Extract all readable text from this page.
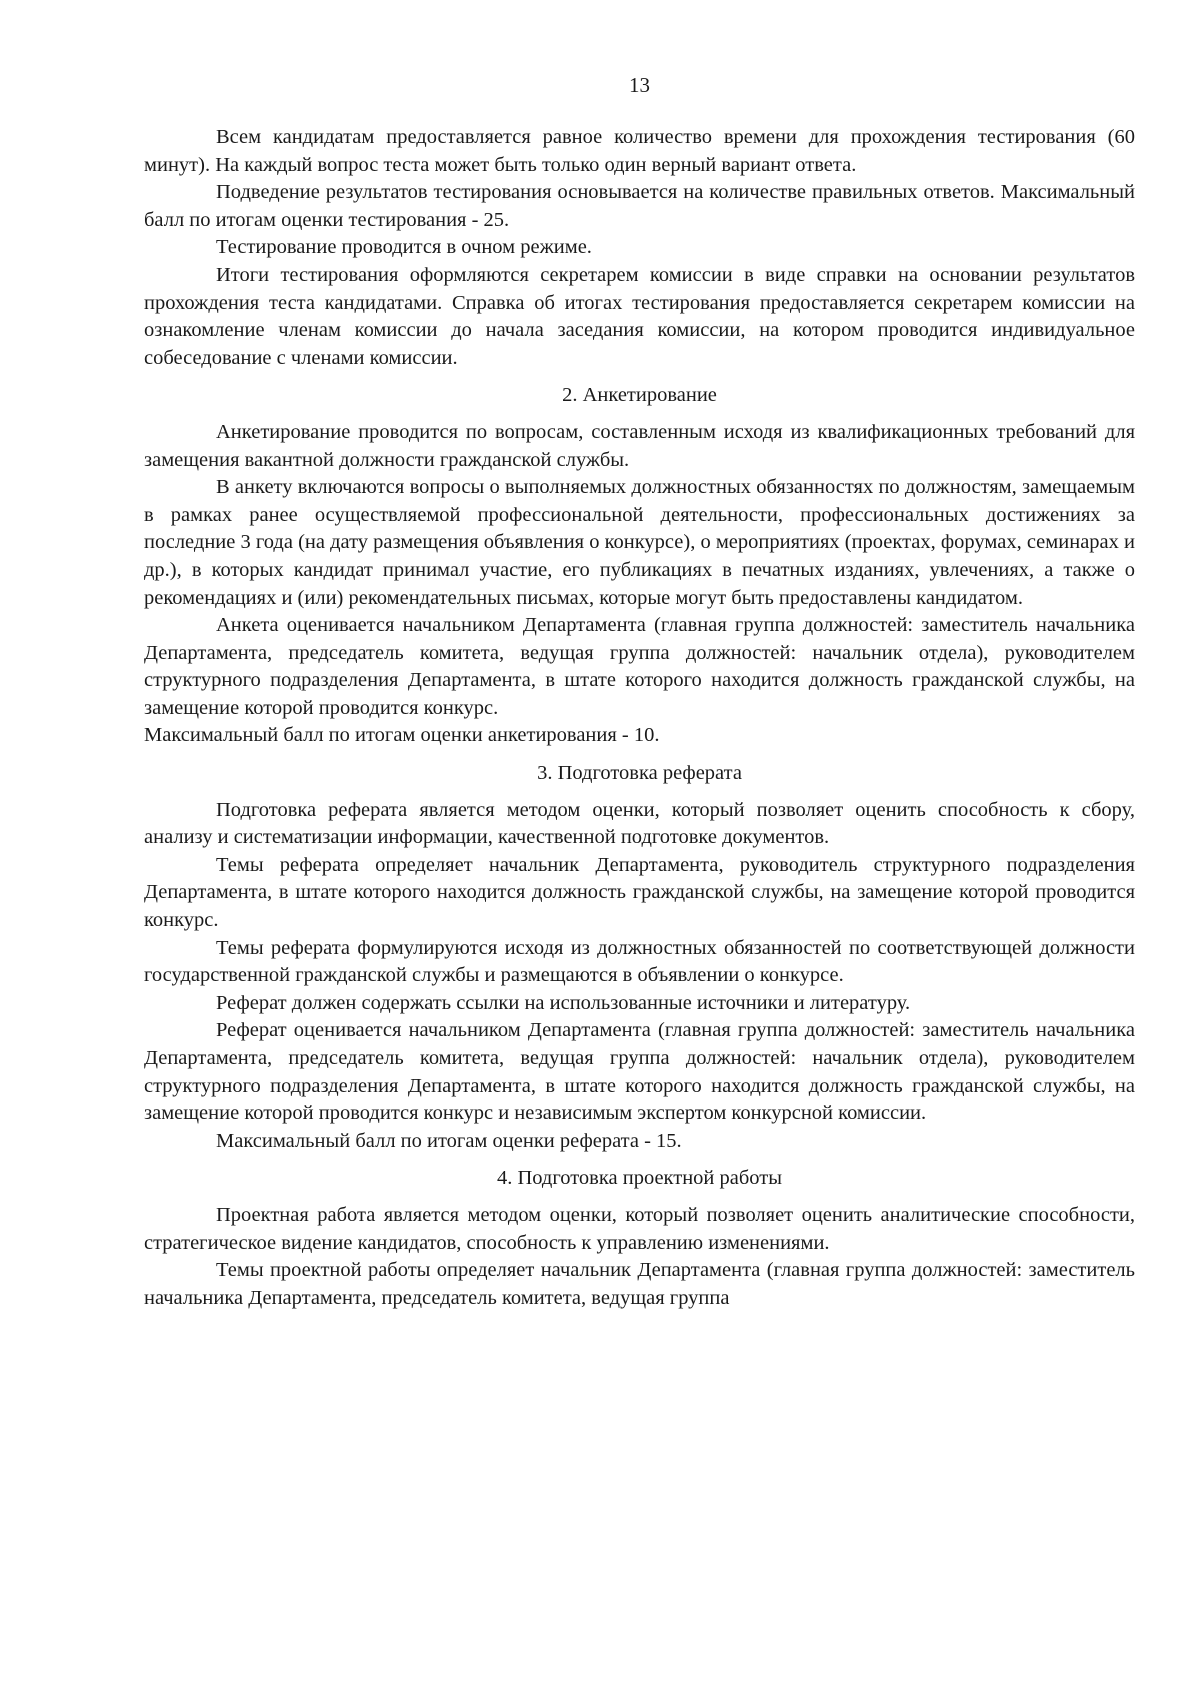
13

Всем кандидатам предоставляется равное количество времени для прохождения тестирования (60 минут). На каждый вопрос теста может быть только один верный вариант ответа.

Подведение результатов тестирования основывается на количестве правильных ответов. Максимальный балл по итогам оценки тестирования - 25.

Тестирование проводится в очном режиме.

Итоги тестирования оформляются секретарем комиссии в виде справки на основании результатов прохождения теста кандидатами. Справка об итогах тестирования предоставляется секретарем комиссии на ознакомление членам комиссии до начала заседания комиссии, на котором проводится индивидуальное собеседование с членами комиссии.

2. Анкетирование

Анкетирование проводится по вопросам, составленным исходя из квалификационных требований для замещения вакантной должности гражданской службы.

В анкету включаются вопросы о выполняемых должностных обязанностях по должностям, замещаемым в рамках ранее осуществляемой профессиональной деятельности, профессиональных достижениях за последние 3 года (на дату размещения объявления о конкурсе), о мероприятиях (проектах, форумах, семинарах и др.), в которых кандидат принимал участие, его публикациях в печатных изданиях, увлечениях, а также о рекомендациях и (или) рекомендательных письмах, которые могут быть предоставлены кандидатом.

Анкета оценивается начальником Департамента (главная группа должностей: заместитель начальника Департамента, председатель комитета, ведущая группа должностей: начальник отдела), руководителем структурного подразделения Департамента, в штате которого находится должность гражданской службы, на замещение которой проводится конкурс.

Максимальный балл по итогам оценки анкетирования - 10.

3. Подготовка реферата

Подготовка реферата является методом оценки, который позволяет оценить способность к сбору, анализу и систематизации информации, качественной подготовке документов.

Темы реферата определяет начальник Департамента, руководитель структурного подразделения Департамента, в штате которого находится должность гражданской службы, на замещение которой проводится конкурс.

Темы реферата формулируются исходя из должностных обязанностей по соответствующей должности государственной гражданской службы и размещаются в объявлении о конкурсе.

Реферат должен содержать ссылки на использованные источники и литературу.

Реферат оценивается начальником Департамента (главная группа должностей: заместитель начальника Департамента, председатель комитета, ведущая группа должностей: начальник отдела), руководителем структурного подразделения Департамента, в штате которого находится должность гражданской службы, на замещение которой проводится конкурс и независимым экспертом конкурсной комиссии.

Максимальный балл по итогам оценки реферата - 15.

4. Подготовка проектной работы

Проектная работа является методом оценки, который позволяет оценить аналитические способности, стратегическое видение кандидатов, способность к управлению изменениями.

Темы проектной работы определяет начальник Департамента (главная группа должностей: заместитель начальника Департамента, председатель комитета, ведущая группа
